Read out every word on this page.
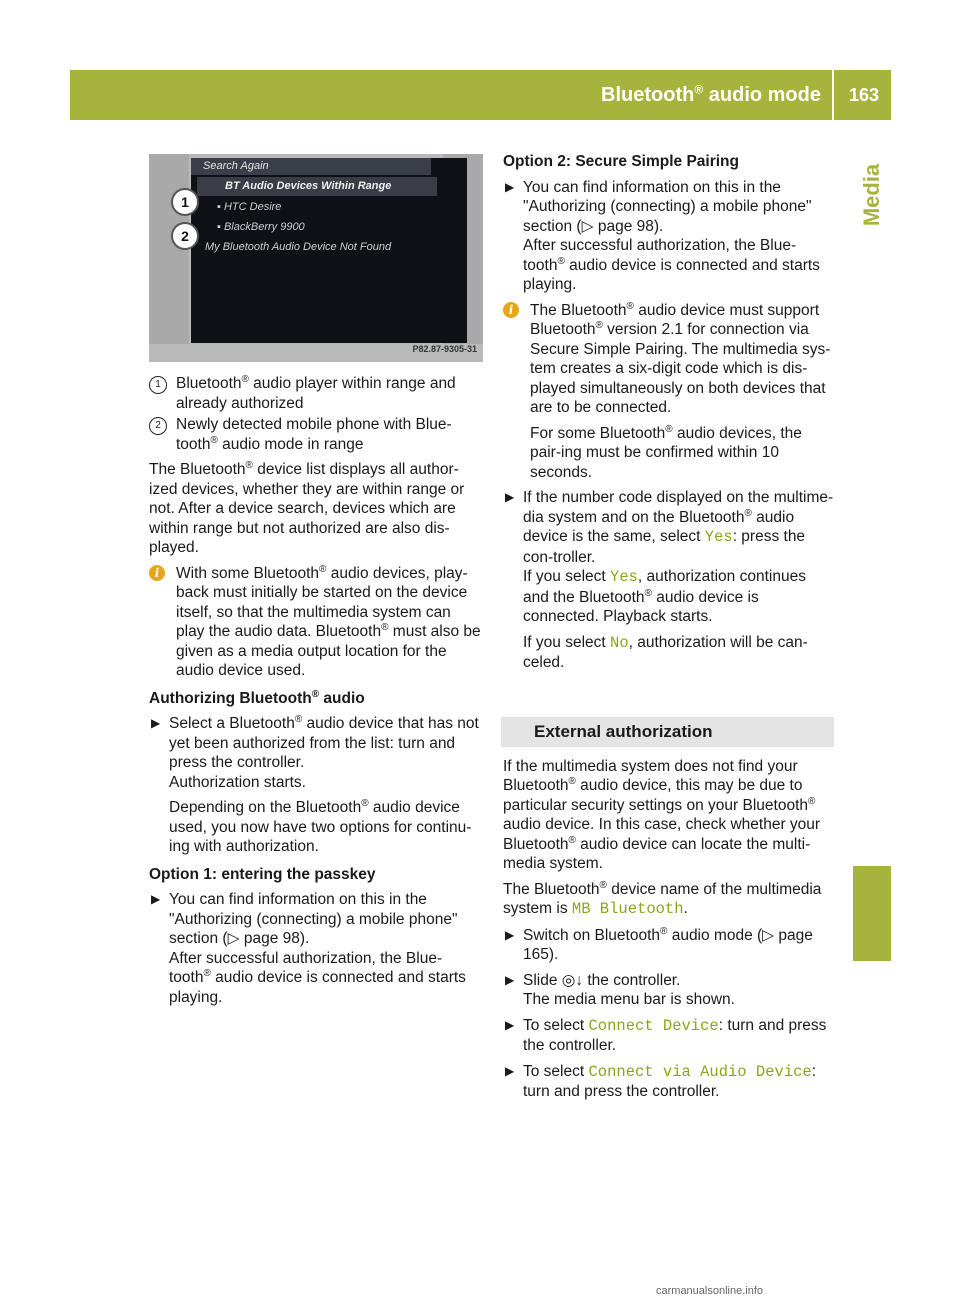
Bluetooth® audio mode 163
Media
Search Again
BT Audio Devices Within Range
▪ HTC Desire
▪ BlackBerry 9900
My Bluetooth Audio Device Not Found
1
2
P82.87-9305-31
1 Bluetooth® audio player within range and already authorized
2 Newly detected mobile phone with Blue-tooth® audio mode in range

The Bluetooth® device list displays all author-ized devices, whether they are within range or not. After a device search, devices which are within range but not authorized are also dis-played.

i	With some Bluetooth® audio devices, play-back must initially be started on the device itself, so that the multimedia system can play the audio data. Bluetooth® must also be given as a media output location for the audio device used.

Authorizing Bluetooth® audio

▶ Select a Bluetooth® audio device that has not yet been authorized from the list: turn and press the controller.

Authorization starts.

Depending on the Bluetooth® audio device used, you now have two options for continu-ing with authorization.

Option 1: entering the passkey

▶ You can find information on this in the "Authorizing (connecting) a mobile phone" section (▷ page 98).

After successful authorization, the Blue-tooth® audio device is connected and starts playing.

Option 2: Secure Simple Pairing

▶ You can find information on this in the "Authorizing (connecting) a mobile phone" section (▷ page 98).

After successful authorization, the Blue-tooth® audio device is connected and starts playing.

i	The Bluetooth® audio device must support Bluetooth® version 2.1 for connection via Secure Simple Pairing. The multimedia sys-tem creates a six-digit code which is dis-played simultaneously on both devices that are to be connected.

For some Bluetooth® audio devices, the pair-ing must be confirmed within 10 seconds.

▶ If the number code displayed on the multime-dia system and on the Bluetooth® audio device is the same, select Yes: press the con-troller.

If you select Yes, authorization continues and the Bluetooth® audio device is connected. Playback starts.

If you select No, authorization will be can-celed.

External authorization

If the multimedia system does not find your Bluetooth® audio device, this may be due to particular security settings on your Bluetooth® audio device. In this case, check whether your Bluetooth® audio device can locate the multi-media system.

The Bluetooth® device name of the multimedia system is MB Bluetooth.

▶ Switch on Bluetooth® audio mode (▷ page 165).

▶ Slide ◎↓ the controller.

The media menu bar is shown.

▶ To select Connect Device: turn and press the controller.

▶ To select Connect via Audio Device: turn and press the controller.

carmanualsonline.info
